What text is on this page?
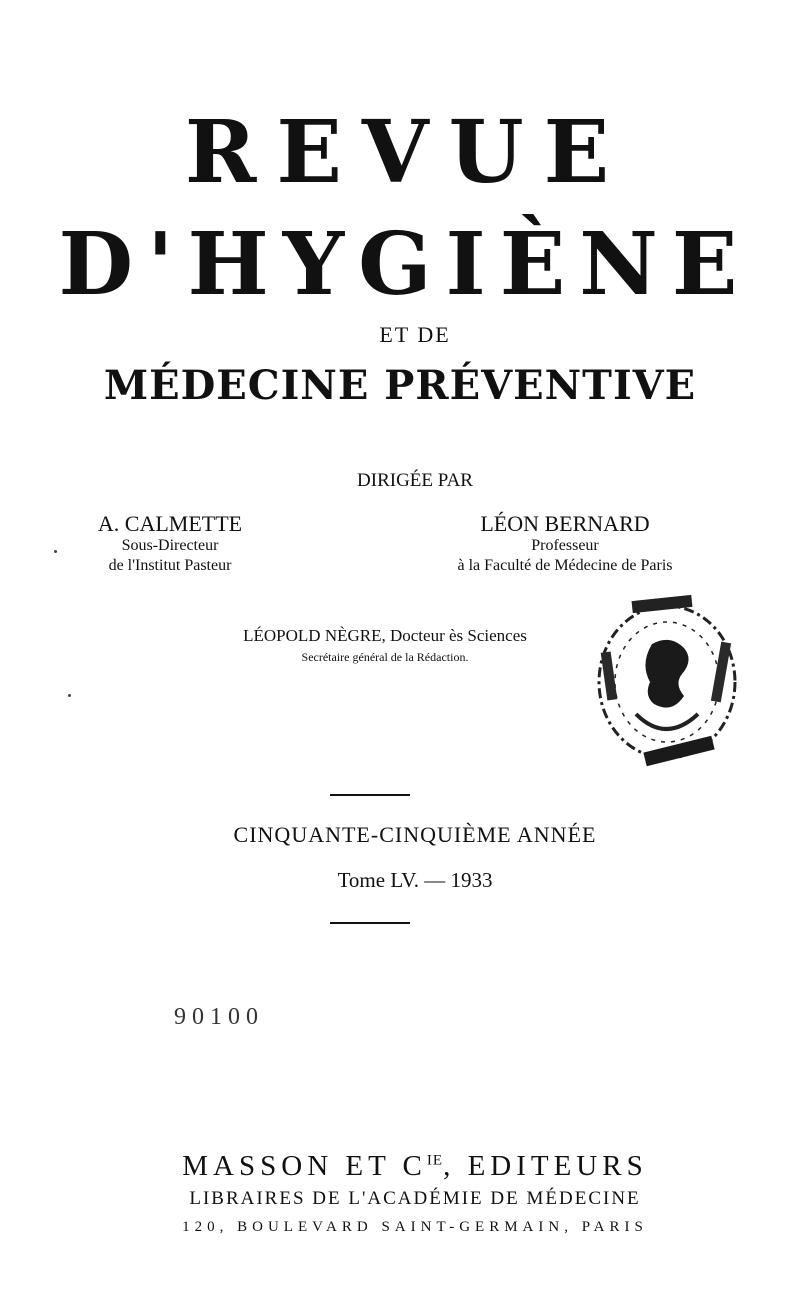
REVUE
D'HYGIÈNE
ET DE
MÉDECINE PRÉVENTIVE
DIRIGÉE PAR
A. CALMETTE
Sous-Directeur
de l'Institut Pasteur
LÉON BERNARD
Professeur
à la Faculté de Médecine de Paris
LÉOPOLD NÈGRE, Docteur ès Sciences
Secrétaire général de la Rédaction.
CINQUANTE-CINQUIÈME ANNÉE
Tome LV. — 1933
90100
MASSON ET $C^{IE}$, EDITEURS
LIBRAIRES DE L'ACADÉMIE DE MÉDECINE
120, BOULEVARD SAINT-GERMAIN, PARIS
